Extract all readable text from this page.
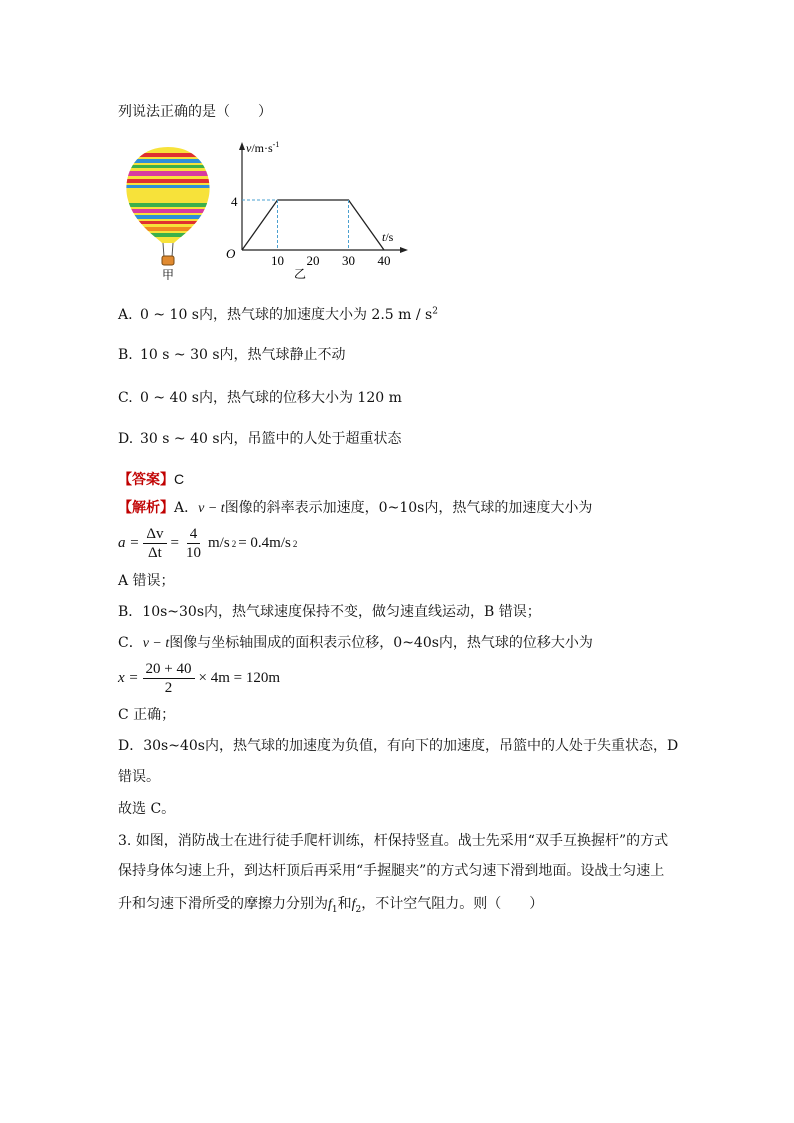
列说法正确的是（　　）
甲
$v/m\cdot s^{-1}$
t/s
O
4
10 20 30 40
乙
A. 0 ~ 10 s内，热气球的加速度大小为 2.5 m / $s^2$
B. 10 s ~ 30 s内，热气球静止不动
C. 0 ~ 40 s内，热气球的位移大小为 120 m
D. 30 s ~ 40 s内，吊篮中的人处于超重状态
【答案】C
【解析】A．v − t图像的斜率表示加速度，0~10s内，热气球的加速度大小为
$a = \frac{\Delta v}{\Delta t} = \frac{4}{10} m/s$ 2 = 0.4m/s 2
A 错误；
B．10s~30s内，热气球速度保持不变，做匀速直线运动，B 错误；
C．v − t图像与坐标轴围成的面积表示位移，0~40s内，热气球的位移大小为
$x = \frac{20 + 40}{2} \times 4m = 120m$
C 正确；
D．30s~40s内，热气球的加速度为负值，有向下的加速度，吊篮中的人处于失重状态，D
错误。
故选 C。
3. 如图，消防战士在进行徒手爬杆训练，杆保持竖直。战士先采用“双手互换握杆”的方式
保持身体匀速上升，到达杆顶后再采用“手握腿夹”的方式匀速下滑到地面。设战士匀速上
升和匀速下滑所受的摩擦力分别为$f_1$和$f_2$，不计空气阻力。则（　　）
